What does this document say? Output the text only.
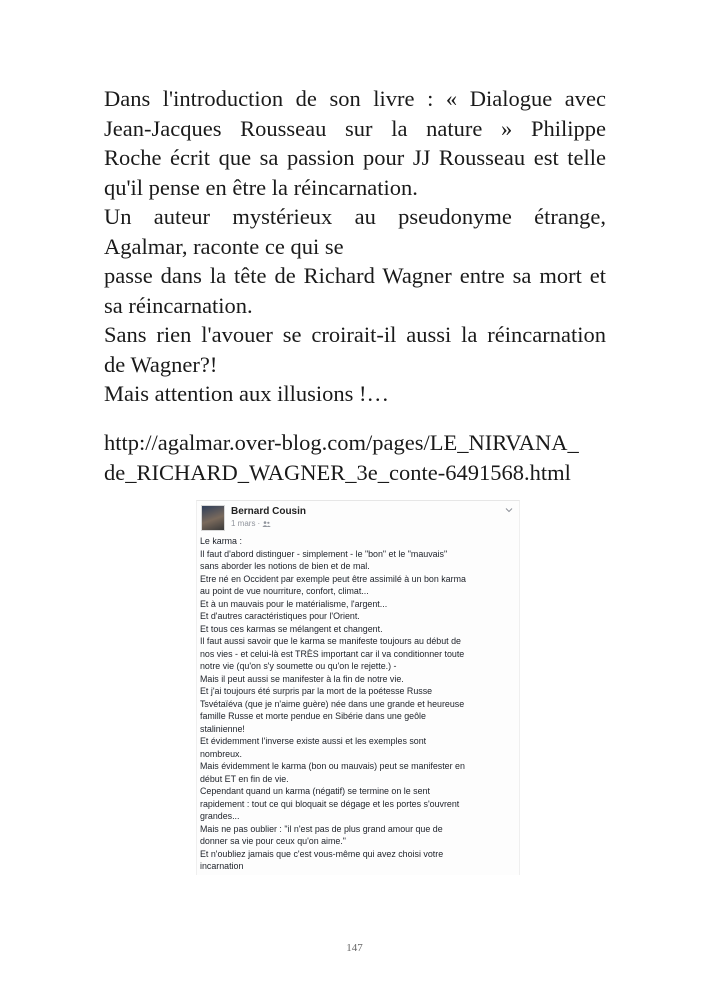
Dans l'introduction de son livre : « Dialogue avec
Jean-Jacques Rousseau sur la nature » Philippe
Roche écrit que sa passion pour JJ Rousseau est telle
qu'il pense en être la réincarnation.
Un auteur mystérieux au pseudonyme étrange,
Agalmar, raconte ce qui se
passe dans la tête de Richard Wagner entre sa mort et
sa réincarnation.
Sans rien l'avouer se croirait-il aussi la réincarnation
de Wagner?!
Mais attention aux illusions !…
http://agalmar.over-blog.com/pages/LE_NIRVANA_
de_RICHARD_WAGNER_3e_conte-6491568.html
Bernard Cousin
1 mars ·
Le karma :
Il faut d'abord distinguer - simplement - le "bon" et le "mauvais"
sans aborder les notions de bien et de mal.
Etre né en Occident par exemple peut être assimilé à un bon karma
au point de vue nourriture, confort, climat...
Et à un mauvais pour le matérialisme, l'argent...
Et d'autres caractéristiques pour l'Orient.
Et tous ces karmas se mélangent et changent.
Il faut aussi savoir que le karma se manifeste toujours au début de
nos vies - et celui-là est TRÈS important car il va conditionner toute
notre vie (qu'on s'y soumette ou qu'on le rejette.) -
Mais il peut aussi se manifester à la fin de notre vie.
Et j'ai toujours été surpris par la mort de la poétesse Russe
Tsvétaïéva (que je n'aime guère) née dans une grande et heureuse
famille Russe et morte pendue en Sibérie dans une geôle
stalinienne!
Et évidemment l'inverse existe aussi et les exemples sont
nombreux.
Mais évidemment le karma (bon ou mauvais) peut se manifester en
début ET en fin de vie.
Cependant quand un karma (négatif) se termine on le sent
rapidement : tout ce qui bloquait se dégage et les portes s'ouvrent
grandes...
Mais ne pas oublier : "il n'est pas de plus grand amour que de
donner sa vie pour ceux qu'on aime."
Et n'oubliez jamais que c'est vous-même qui avez choisi votre
incarnation
147
